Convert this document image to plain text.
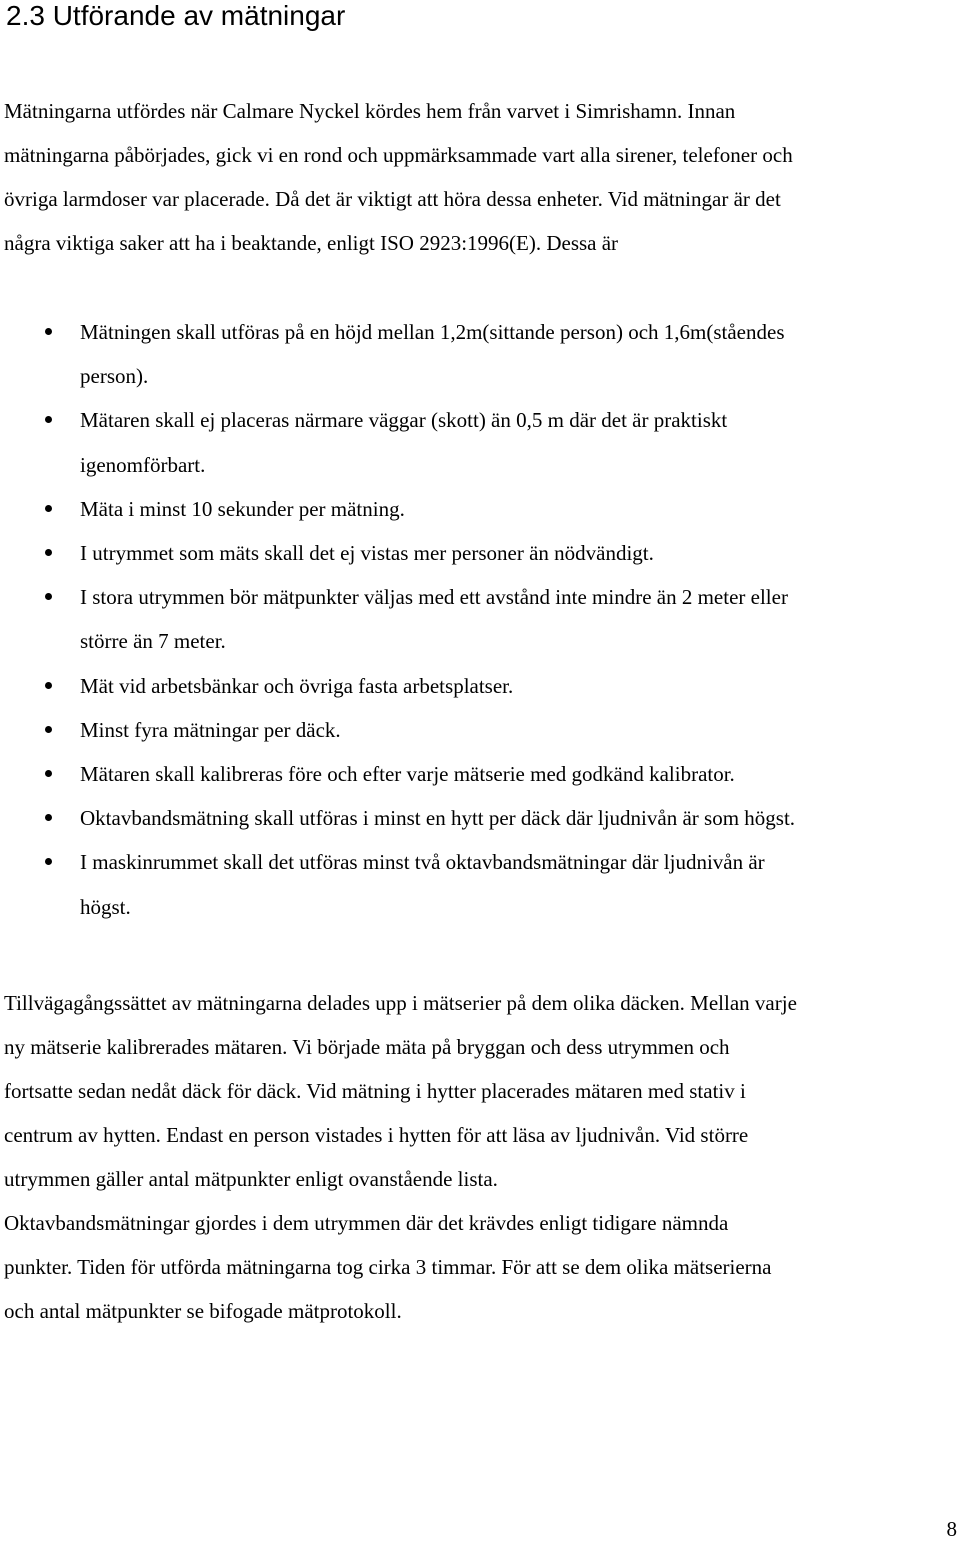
2.3 Utförande av mätningar

Mätningarna utfördes när Calmare Nyckel kördes hem från varvet i Simrishamn. Innan
mätningarna påbörjades, gick vi en rond och uppmärksammade vart alla sirener, telefoner och
övriga larmdoser var placerade. Då det är viktigt att höra dessa enheter. Vid mätningar är det
några viktiga saker att ha i beaktande, enligt ISO 2923:1996(E). Dessa är

Mätningen skall utföras på en höjd mellan 1,2m(sittande person) och 1,6m(ståendes
person).
Mätaren skall ej placeras närmare väggar (skott) än 0,5 m där det är praktiskt
igenomförbart.
Mäta i minst 10 sekunder per mätning.
I utrymmet som mäts skall det ej vistas mer personer än nödvändigt.
I stora utrymmen bör mätpunkter väljas med ett avstånd inte mindre än 2 meter eller
större än 7 meter.
Mät vid arbetsbänkar och övriga fasta arbetsplatser.
Minst fyra mätningar per däck.
Mätaren skall kalibreras före och efter varje mätserie med godkänd kalibrator.
Oktavbandsmätning skall utföras i minst en hytt per däck där ljudnivån är som högst.
I maskinrummet skall det utföras minst två oktavbandsmätningar där ljudnivån är
högst.

Tillvägagångssättet av mätningarna delades upp i mätserier på dem olika däcken. Mellan varje
ny mätserie kalibrerades mätaren. Vi började mäta på bryggan och dess utrymmen och
fortsatte sedan nedåt däck för däck. Vid mätning i hytter placerades mätaren med stativ i
centrum av hytten. Endast en person vistades i hytten för att läsa av ljudnivån. Vid större
utrymmen gäller antal mätpunkter enligt ovanstående lista.
Oktavbandsmätningar gjordes i dem utrymmen där det krävdes enligt tidigare nämnda
punkter. Tiden för utförda mätningarna tog cirka 3 timmar. För att se dem olika mätserierna
och antal mätpunkter se bifogade mätprotokoll.

8
